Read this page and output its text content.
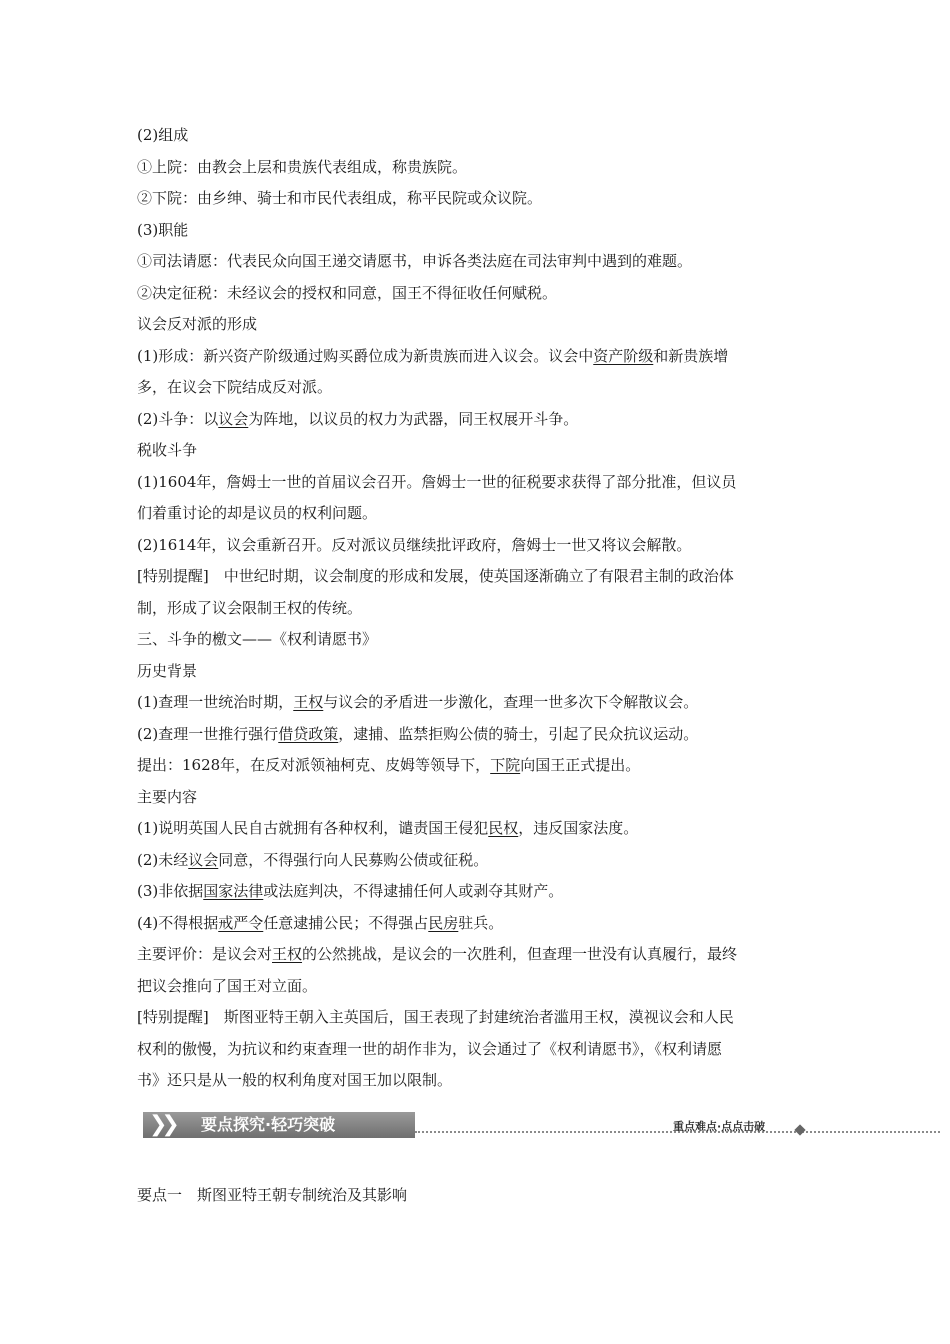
(2)组成
①上院：由教会上层和贵族代表组成，称贵族院。
②下院：由乡绅、骑士和市民代表组成，称平民院或众议院。
(3)职能
①司法请愿：代表民众向国王递交请愿书，申诉各类法庭在司法审判中遇到的难题。
②决定征税：未经议会的授权和同意，国王不得征收任何赋税。
议会反对派的形成
(1)形成：新兴资产阶级通过购买爵位成为新贵族而进入议会。议会中资产阶级和新贵族增
多，在议会下院结成反对派。
(2)斗争：以议会为阵地，以议员的权力为武器，同王权展开斗争。
税收斗争
(1)1604年，詹姆士一世的首届议会召开。詹姆士一世的征税要求获得了部分批准，但议员
们着重讨论的却是议员的权利问题。
(2)1614年，议会重新召开。反对派议员继续批评政府，詹姆士一世又将议会解散。
[特别提醒]　中世纪时期，议会制度的形成和发展，使英国逐渐确立了有限君主制的政治体
制，形成了议会限制王权的传统。
三、斗争的檄文——《权利请愿书》
历史背景
(1)查理一世统治时期，王权与议会的矛盾进一步激化，查理一世多次下令解散议会。
(2)查理一世推行强行借贷政策，逮捕、监禁拒购公债的骑士，引起了民众抗议运动。
提出：1628年，在反对派领袖柯克、皮姆等领导下，下院向国王正式提出。
主要内容
(1)说明英国人民自古就拥有各种权利，谴责国王侵犯民权，违反国家法度。
(2)未经议会同意，不得强行向人民募购公债或征税。
(3)非依据国家法律或法庭判决，不得逮捕任何人或剥夺其财产。
(4)不得根据戒严令任意逮捕公民；不得强占民房驻兵。
主要评价：是议会对王权的公然挑战，是议会的一次胜利，但查理一世没有认真履行，最终
把议会推向了国王对立面。
[特别提醒]　斯图亚特王朝入主英国后，国王表现了封建统治者滥用王权，漠视议会和人民
权利的傲慢，为抗议和约束查理一世的胡作非为，议会通过了《权利请愿书》，《权利请愿
书》还只是从一般的权利角度对国王加以限制。
❯❯	要点探究·轻巧突破	重点难点·点点击破
要点一　斯图亚特王朝专制统治及其影响
